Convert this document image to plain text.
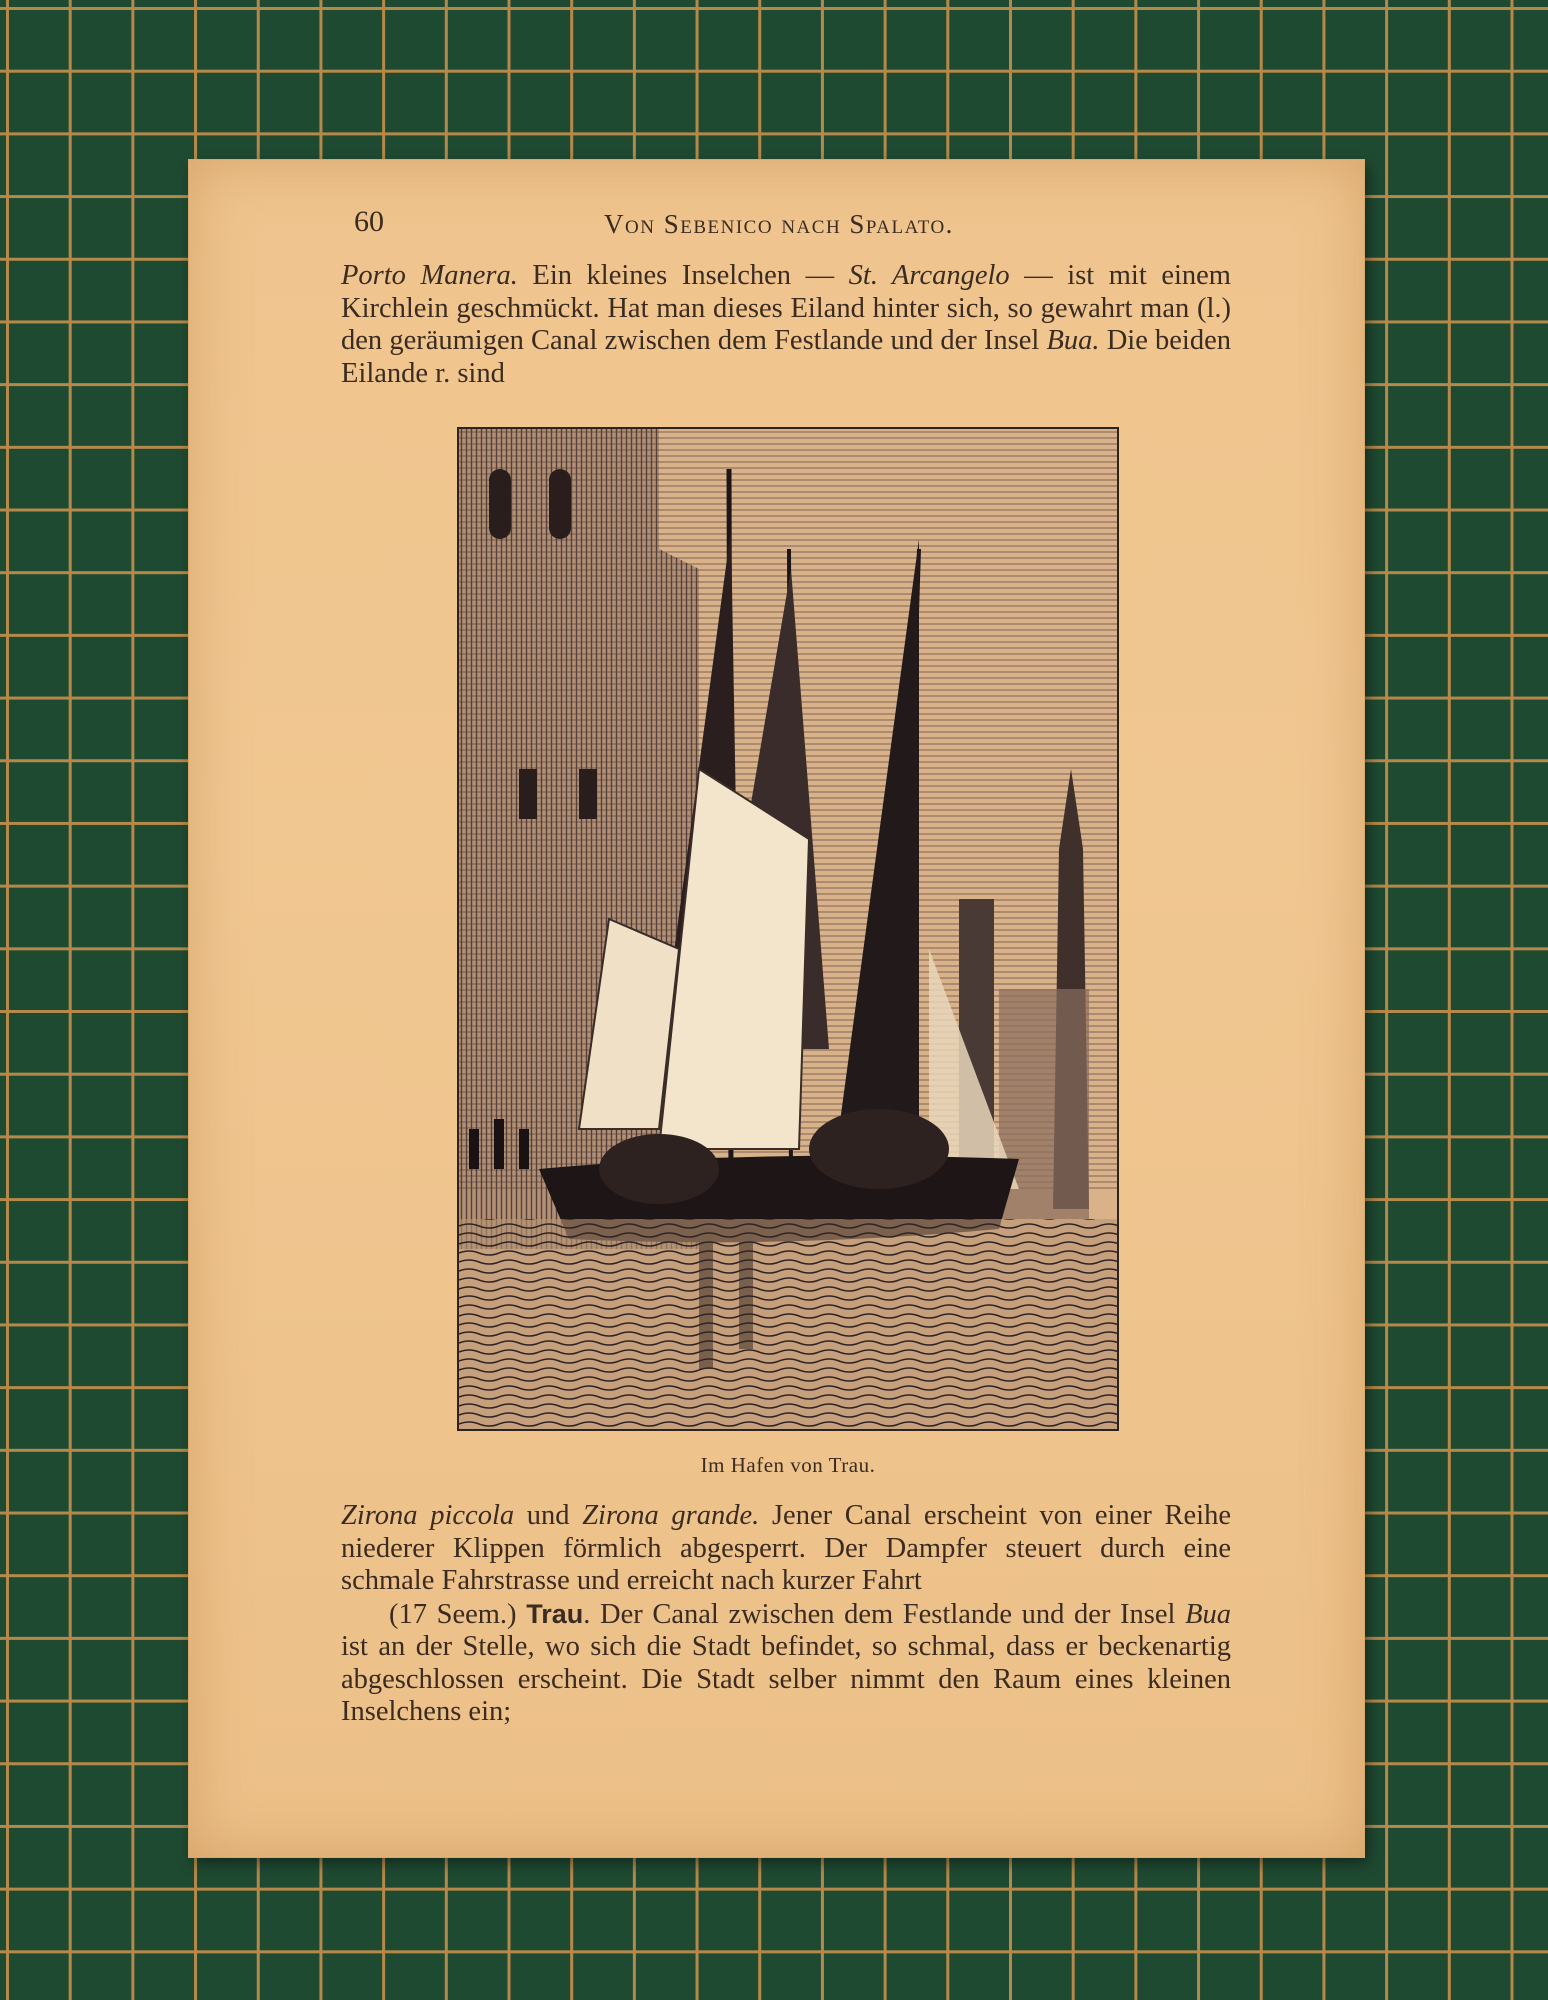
60	Von Sebenico nach Spalato.

Porto Manera. Ein kleines Inselchen — St. Arcangelo — ist mit einem Kirchlein geschmückt. Hat man dieses Eiland hinter sich, so gewahrt man (l.) den geräumigen Canal zwischen dem Festlande und der Insel Bua. Die beiden Eilande r. sind

Im Hafen von Trau.

Zirona piccola und Zirona grande. Jener Canal erscheint von einer Reihe niederer Klippen förmlich abgesperrt. Der Dampfer steuert durch eine schmale Fahrstrasse und erreicht nach kurzer Fahrt

(17 Seem.) Trau. Der Canal zwischen dem Festlande und der Insel Bua ist an der Stelle, wo sich die Stadt befindet, so schmal, dass er beckenartig abgeschlossen erscheint. Die Stadt selber nimmt den Raum eines kleinen Inselchens ein;
